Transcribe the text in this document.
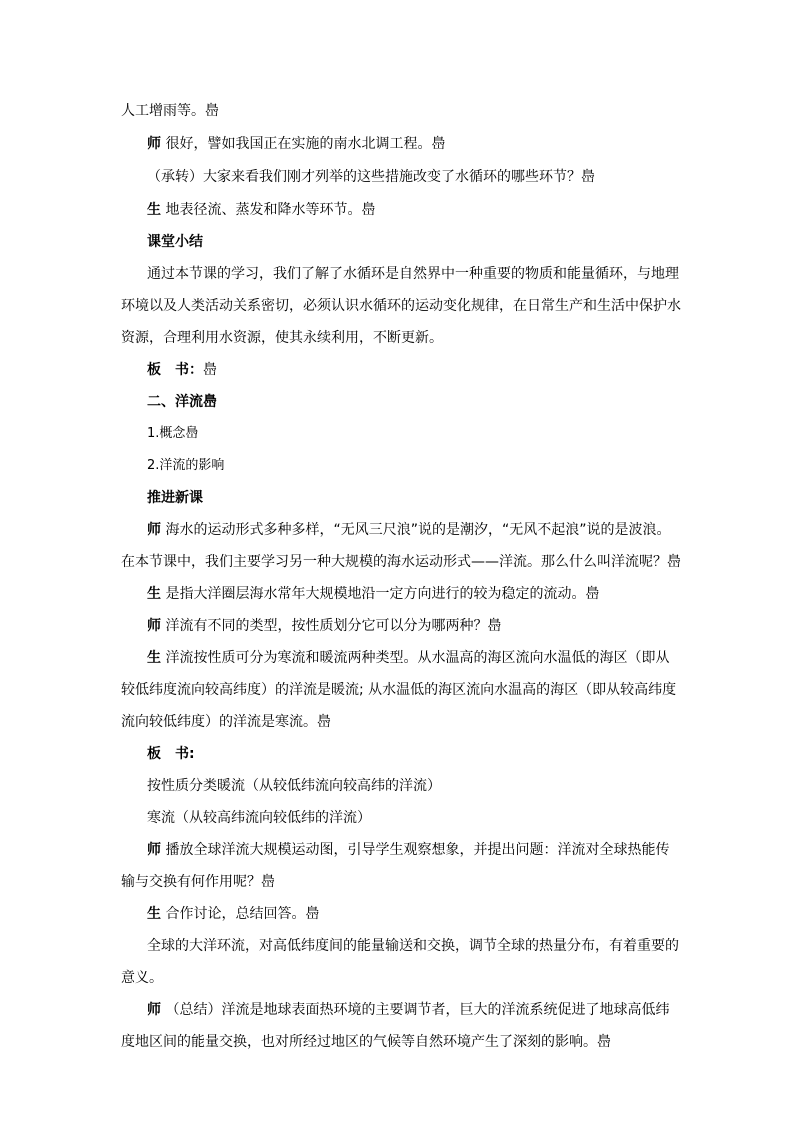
人工增雨等。㠀
师 很好，譬如我国正在实施的南水北调工程。㠀
（承转）大家来看我们刚才列举的这些措施改变了水循环的哪些环节？㠀
生 地表径流、蒸发和降水等环节。㠀
课堂小结
通过本节课的学习，我们了解了水循环是自然界中一种重要的物质和能量循环，与地理
环境以及人类活动关系密切，必须认识水循环的运动变化规律，在日常生产和生活中保护水
资源，合理利用水资源，使其永续利用，不断更新。
板　书：㠀
二、洋流㠀
1.概念㠀
2.洋流的影响
推进新课
师 海水的运动形式多种多样，“无风三尺浪”说的是潮汐，“无风不起浪”说的是波浪。
在本节课中，我们主要学习另一种大规模的海水运动形式——洋流。那么什么叫洋流呢？㠀
生 是指大洋圈层海水常年大规模地沿一定方向进行的较为稳定的流动。㠀
师 洋流有不同的类型，按性质划分它可以分为哪两种？㠀
生 洋流按性质可分为寒流和暖流两种类型。从水温高的海区流向水温低的海区（即从
较低纬度流向较高纬度）的洋流是暖流; 从水温低的海区流向水温高的海区（即从较高纬度
流向较低纬度）的洋流是寒流。㠀
板　书:
按性质分类暖流（从较低纬流向较高纬的洋流）
寒流（从较高纬流向较低纬的洋流）
师 播放全球洋流大规模运动图，引导学生观察想象，并提出问题：洋流对全球热能传
输与交换有何作用呢？㠀
生 合作讨论，总结回答。㠀
全球的大洋环流，对高低纬度间的能量输送和交换，调节全球的热量分布，有着重要的
意义。
师 （总结）洋流是地球表面热环境的主要调节者，巨大的洋流系统促进了地球高低纬
度地区间的能量交换，也对所经过地区的气候等自然环境产生了深刻的影响。㠀
